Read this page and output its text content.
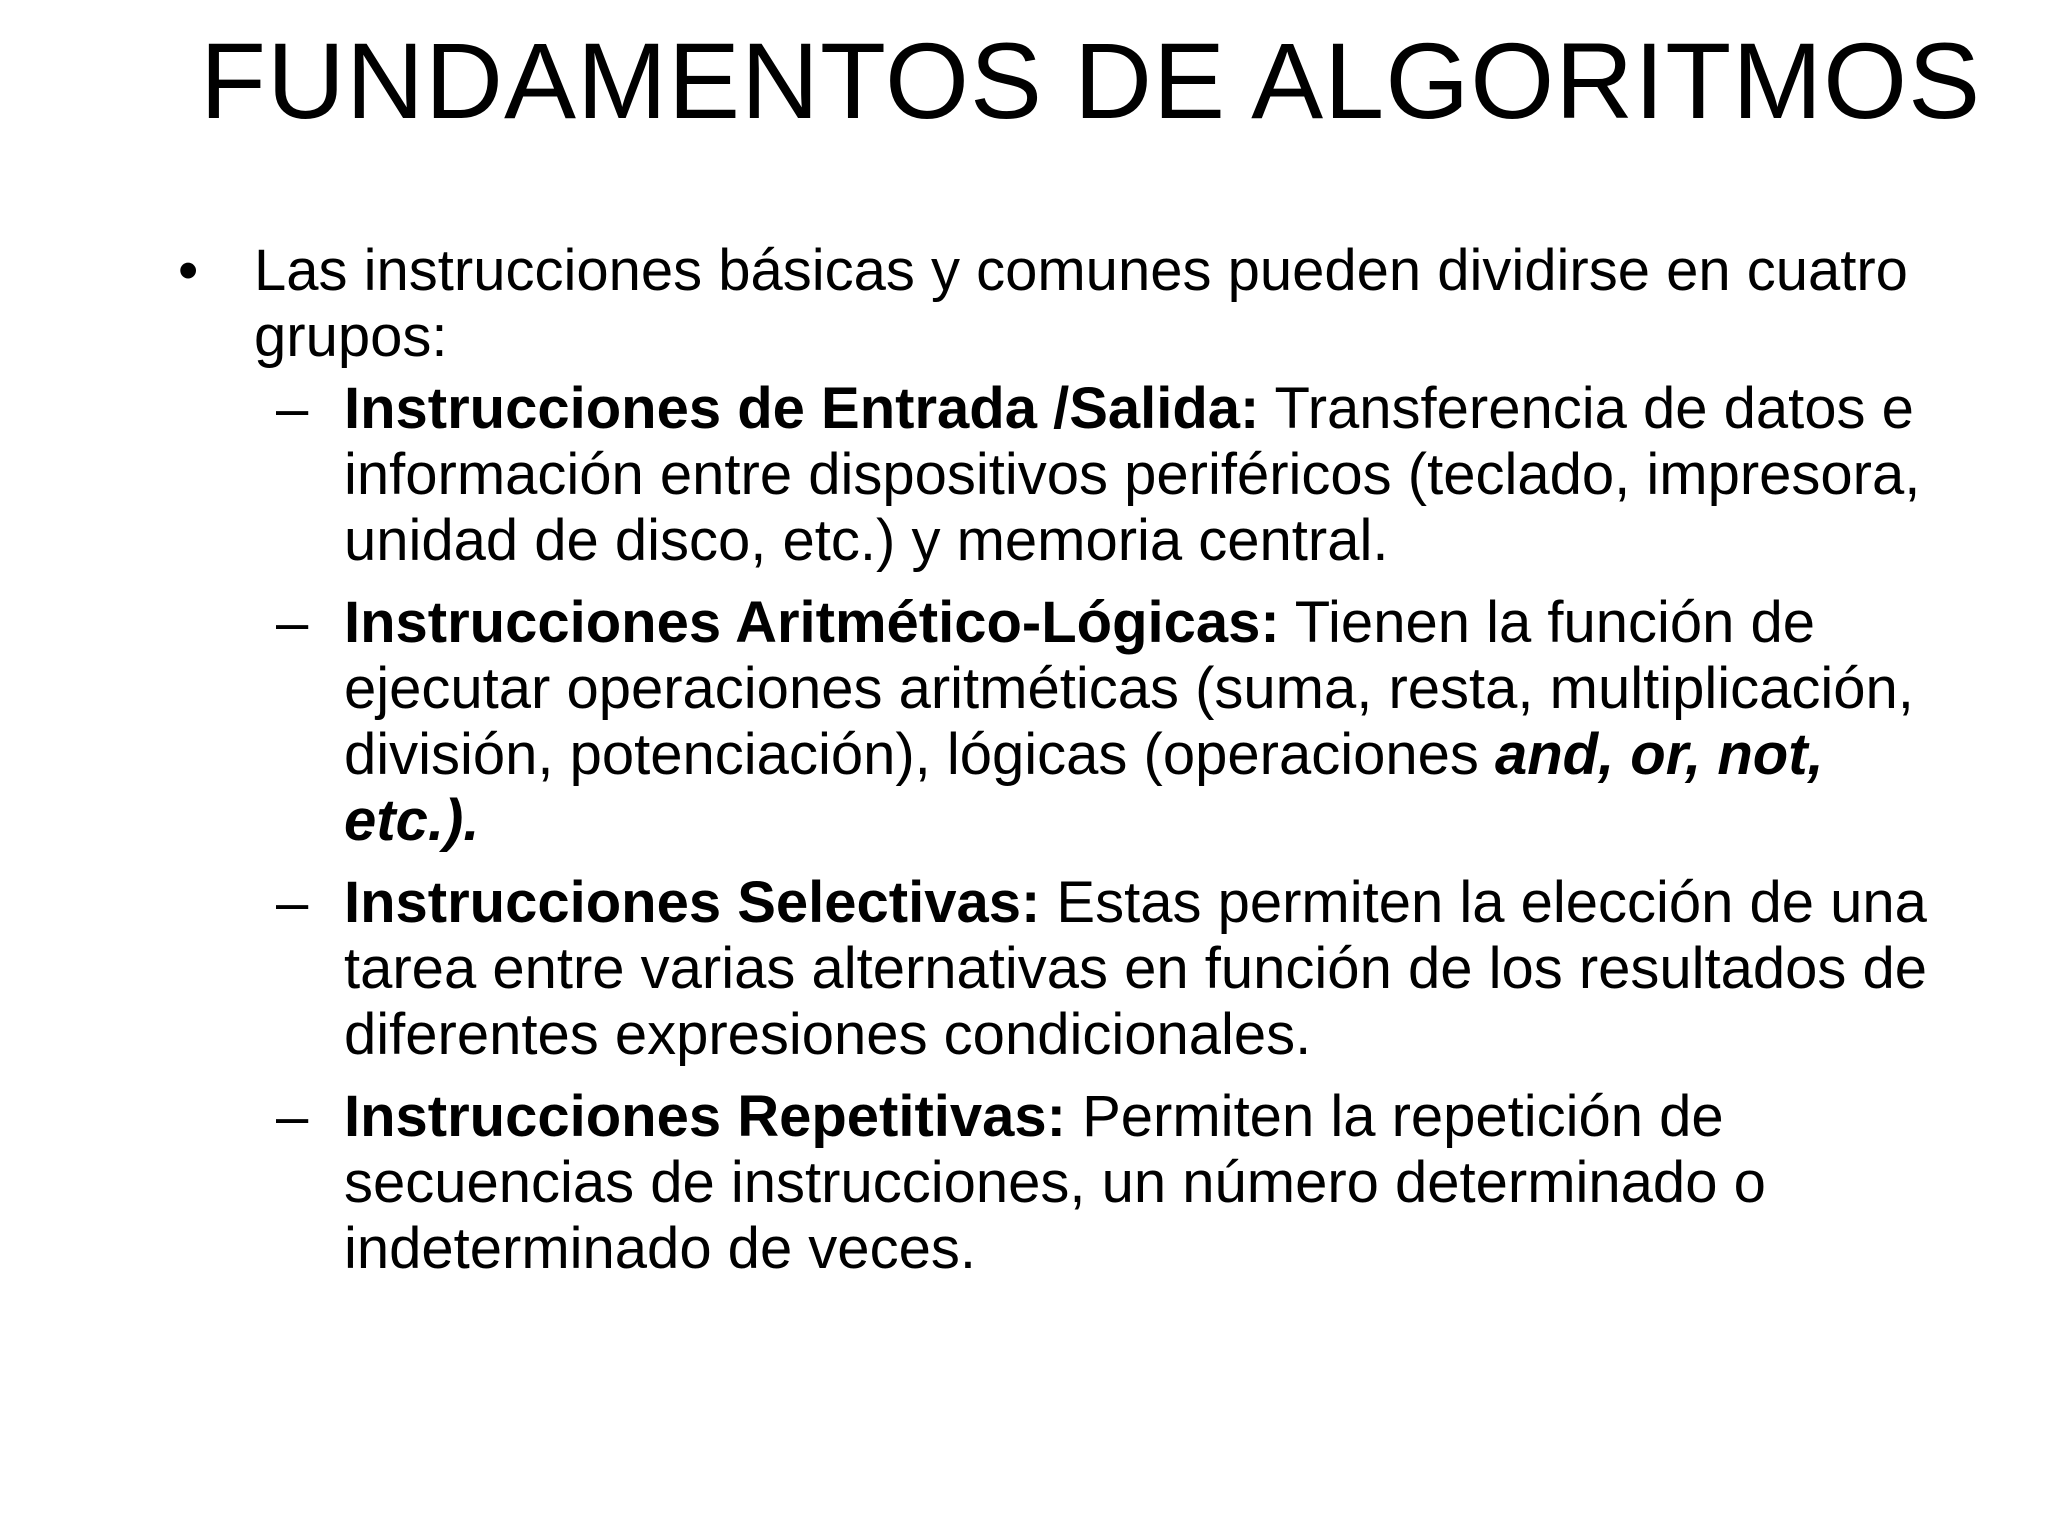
FUNDAMENTOS DE ALGORITMOS
• Las instrucciones básicas y comunes pueden dividirse en cuatro grupos:
– Instrucciones de Entrada /Salida: Transferencia de datos e información entre dispositivos periféricos (teclado, impresora, unidad de disco, etc.) y memoria central.
– Instrucciones Aritmético-Lógicas: Tienen la función de ejecutar operaciones aritméticas (suma, resta, multiplicación, división, potenciación), lógicas (operaciones and, or, not, etc.).
– Instrucciones Selectivas: Estas permiten la elección de una tarea entre varias alternativas en función de los resultados de diferentes expresiones condicionales.
– Instrucciones Repetitivas: Permiten la repetición de secuencias de instrucciones, un número determinado o indeterminado de veces.
